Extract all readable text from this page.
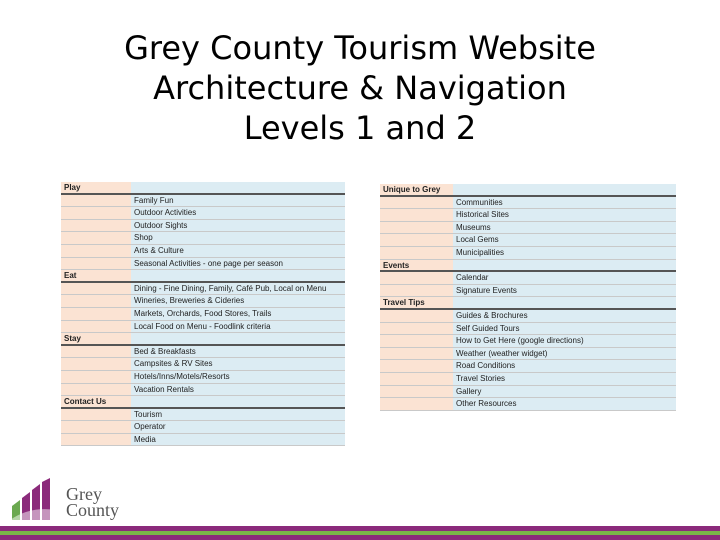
Grey County Tourism Website
Architecture & Navigation
Levels 1 and 2
Play
Family Fun
Outdoor Activities
Outdoor Sights
Shop
Arts & Culture
Seasonal Activities - one page per season
Eat
Dining - Fine Dining, Family, Café Pub, Local on Menu
Wineries, Breweries & Cideries
Markets, Orchards, Food Stores, Trails
Local Food on Menu - Foodlink criteria
Stay
Bed & Breakfasts
Campsites & RV Sites
Hotels/Inns/Motels/Resorts
Vacation Rentals
Contact Us
Tourism
Operator
Media
Unique to Grey
Communities
Historical Sites
Museums
Local Gems
Municipalities
Events
Calendar
Signature Events
Travel Tips
Guides & Brochures
Self Guided Tours
How to Get Here (google directions)
Weather (weather widget)
Road Conditions
Travel Stories
Gallery
Other Resources
Grey
County
